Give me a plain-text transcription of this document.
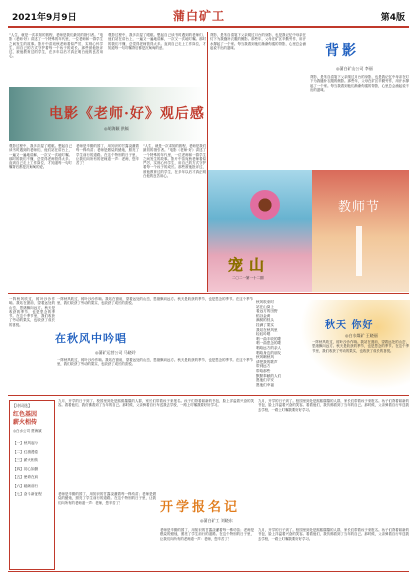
2021年9月9日	蒲白矿工	第4版
“人生，就是一次求知的旅程，老师是我们最初的指引者。”电影《老师·好》讲述了一个特殊的年代里，一位老师和一群学生之间发生的故事。影片中苗宛秋老师看似严厉，实则心怀学生，用自己的方式守护着每一个孩子的成长。那些被他批评过、被他教育过的学生，在多年以后才真正明白他的良苦用心。
观影过程中，我多次湿了眼眶。想起自己读书时遇到的老师们，他们站在讲台上，一遍又一遍地讲解，一次又一次地叮嘱。那时的我们不懂，总觉得老师管得太多。直到自己走上工作岗位，才知道每一句叮嘱背后都是沉甸甸的爱。
电影《老师·好》观后感
◎胡海颖 供稿
观影过程中，我多次湿了眼眶。想起自己读书时遇到的老师们，他们站在讲台上，一遍又一遍地讲解，一次又一次地叮嘱。那时的我们不懂，总觉得老师管得太多。直到自己走上工作岗位，才知道每一句叮嘱背后都是沉甸甸的爱。
老师是辛勤的园丁，用知识的甘露浇灌着每一株幼苗；老师是燃烧的蜡烛，照亮了学生前行的道路。在这个特别的日子里，让我们向所有的老师道一声：老师，您辛苦了！
“人生，就是一次求知的旅程，老师是我们最初的指引者。”电影《老师·好》讲述了一个特殊的年代里，一位老师和一群学生之间发生的故事。影片中苗宛秋老师看似严厉，实则心怀学生，用自己的方式守护着每一个孩子的成长。那些被他批评过、被他教育过的学生，在多年以后才真正明白他的良苦用心。
背影，是朱自清笔下父亲爬过月台的身影，也是我记忆中母亲在灯下为我缝补衣服的侧影。那些年，父母在矿区辛勤劳作，用汗水撑起了一个家。每当我看到他们渐渐佝偻的背影，心里总会涌起说不出的滋味。	背影
◎蒲白矿山公司 李丽
背影，是朱自清笔下父亲爬过月台的身影，也是我记忆中母亲在灯下为我缝补衣服的侧影。那些年，父母在矿区辛勤劳作，用汗水撑起了一个家。每当我看到他们渐渐佝偻的背影，心里总会涌起说不出的滋味。
宠山
二〇二一第一十二期
教师节
一阵秋风吹过，树叶沙沙作响。我站在窗前，望着远处的山峦，思绪飘向远方。秋天是收获的季节，也是思念的季节。在这个季节里，我们收获了劳动的果实，也收获了成长的喜悦。
一阵秋风吹过，树叶沙沙作响。我站在窗前，望着远处的山峦，思绪飘向远方。秋天是收获的季节，也是思念的季节。在这个季节里，我们收获了劳动的果实，也收获了成长的喜悦。
在秋风中吟唱
◎蒲矿运营公司 马晓玲
一阵秋风吹过，树叶沙沙作响。我站在窗前，望着远处的山峦，思绪飘向远方。秋天是收获的季节，也是思念的季节。在这个季节里，我们收获了劳动的果实，也收获了成长的喜悦。
秋风吹来时
站在山岗上
看远方的田野
稻谷金黄
满树的枝头
挂满了果实
我站在秋风里
轻轻吟唱
唱一曲丰收的歌
唱一曲思念的歌
唱给远方的亲人
唱给身边的朋友
秋风啊秋风
请把我的歌声
带到远方
带给那些
默默奉献的人们
愿他们平安
愿他们幸福
秋天 你好
◎白水煤矿 王晓丽
一阵秋风吹过，树叶沙沙作响。我站在窗前，望着远处的山峦，思绪飘向远方。秋天是收获的季节，也是思念的季节。在这个季节里，我们收获了劳动的果实，也收获了成长的喜悦。
【诗词选】
红色基因
薪火相传
◎白水公司 贾海斌
【一】秋风起兮
【二】红旗漫卷
【三】薪火相传
【四】初心如磐
【五】使命在肩
【六】砥砺前行
【七】奋斗新征程
九月，开学的日子到了。校园里到处是熙熙攘攘的人群，家长们带着孩子来报名。孩子们背着崭新的书包，脸上洋溢着兴奋的笑容。看着他们，我仿佛看到了当年的自己。那时候，父亲骑着自行车送我去学校，一路上叮嘱我要好好学习。
老师是辛勤的园丁，用知识的甘露浇灌着每一株幼苗；老师是燃烧的蜡烛，照亮了学生前行的道路。在这个特别的日子里，让我们向所有的老师道一声：老师，您辛苦了！
九月，开学的日子到了。校园里到处是熙熙攘攘的人群，家长们带着孩子来报名。孩子们背着崭新的书包，脸上洋溢着兴奋的笑容。看着他们，我仿佛看到了当年的自己。那时候，父亲骑着自行车送我去学校，一路上叮嘱我要好好学习。
开学报名记
◎蒲白矿工 刘晓东
九月，开学的日子到了。校园里到处是熙熙攘攘的人群，家长们带着孩子来报名。孩子们背着崭新的书包，脸上洋溢着兴奋的笑容。看着他们，我仿佛看到了当年的自己。那时候，父亲骑着自行车送我去学校，一路上叮嘱我要好好学习。
老师是辛勤的园丁，用知识的甘露浇灌着每一株幼苗；老师是燃烧的蜡烛，照亮了学生前行的道路。在这个特别的日子里，让我们向所有的老师道一声：老师，您辛苦了！
